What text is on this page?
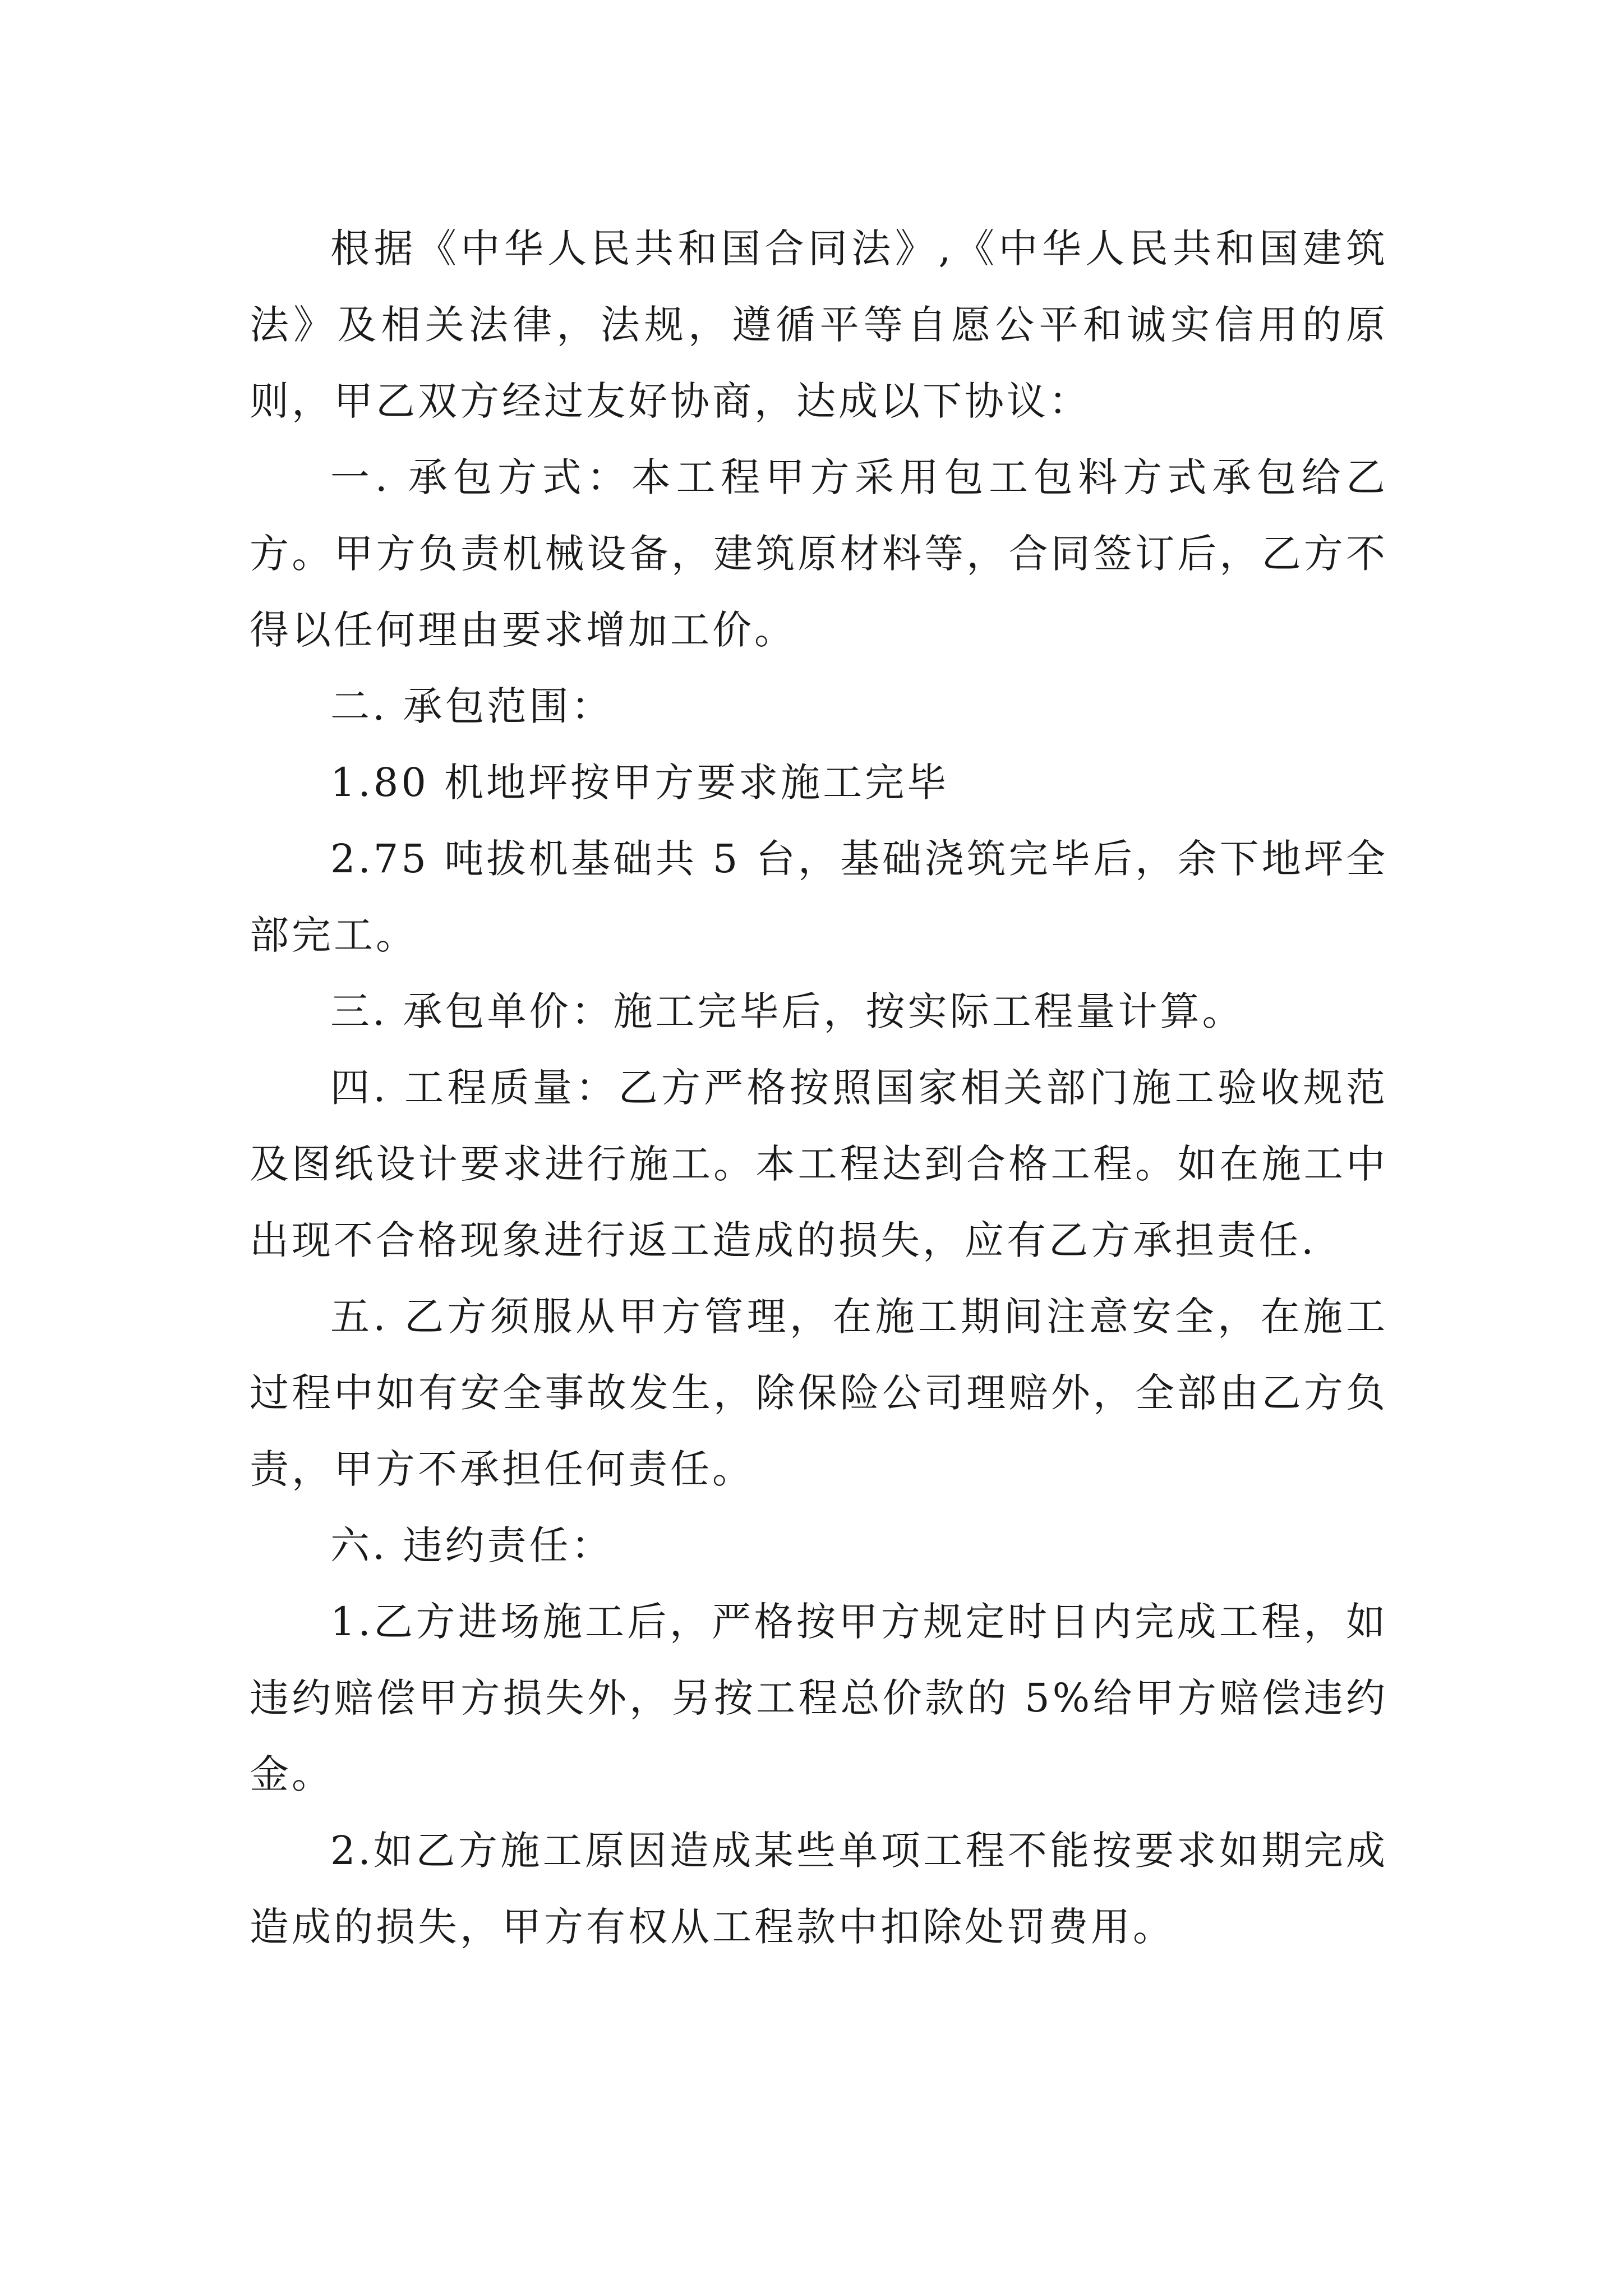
根据《中华人民共和国合同法》,《中华人民共和国建筑法》及相关法律，法规，遵循平等自愿公平和诚实信用的原则，甲乙双方经过友好协商，达成以下协议：

一. 承包方式：本工程甲方采用包工包料方式承包给乙方。甲方负责机械设备，建筑原材料等，合同签订后，乙方不得以任何理由要求增加工价。

二. 承包范围：

1.80 机地坪按甲方要求施工完毕

2.75 吨拔机基础共 5 台，基础浇筑完毕后，余下地坪全部完工。

三. 承包单价：施工完毕后，按实际工程量计算。

四. 工程质量：乙方严格按照国家相关部门施工验收规范及图纸设计要求进行施工。本工程达到合格工程。如在施工中出现不合格现象进行返工造成的损失，应有乙方承担责任.

五. 乙方须服从甲方管理，在施工期间注意安全，在施工过程中如有安全事故发生，除保险公司理赔外，全部由乙方负责，甲方不承担任何责任。

六. 违约责任：

1.乙方进场施工后，严格按甲方规定时日内完成工程，如违约赔偿甲方损失外，另按工程总价款的 5%给甲方赔偿违约金。

2.如乙方施工原因造成某些单项工程不能按要求如期完成造成的损失，甲方有权从工程款中扣除处罚费用。
